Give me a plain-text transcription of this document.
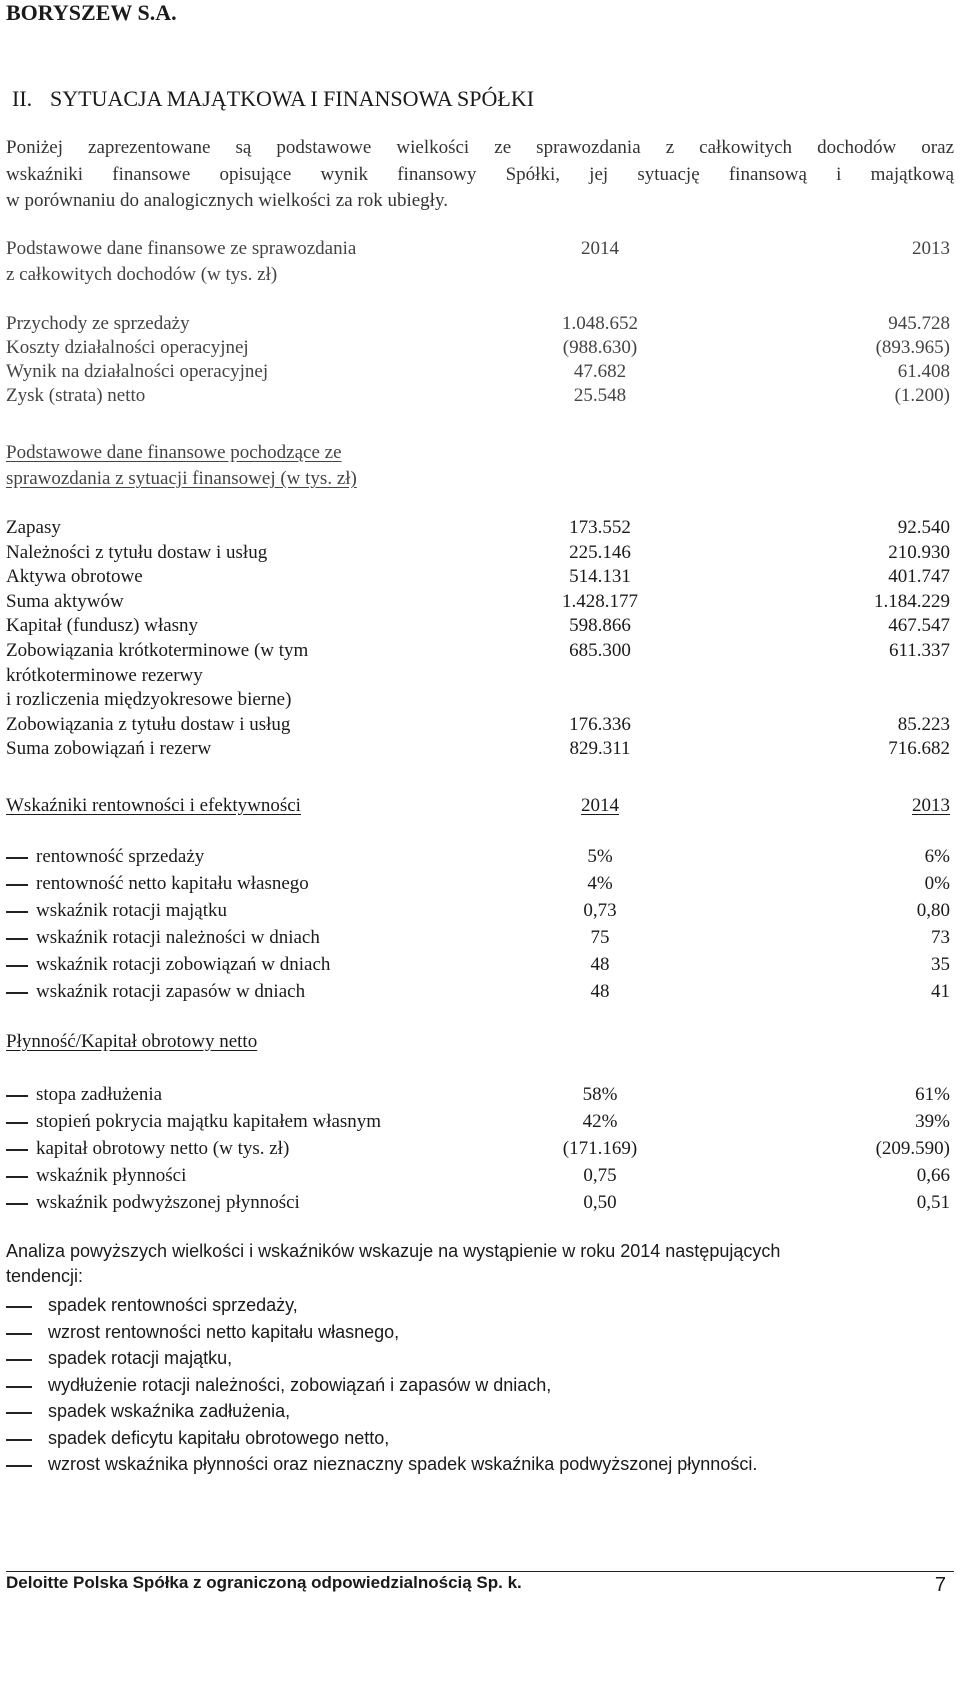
BORYSZEW S.A.
II. SYTUACJA MAJĄTKOWA I FINANSOWA SPÓŁKI
Poniżej zaprezentowane są podstawowe wielkości ze sprawozdania z całkowitych dochodów oraz
wskaźniki finansowe opisujące wynik finansowy Spółki, jej sytuację finansową i majątkową
w porównaniu do analogicznych wielkości za rok ubiegły.
Podstawowe dane finansowe ze sprawozdania
z całkowitych dochodów (w tys. zł)
2014	2013
Przychody ze sprzedaży	1.048.652	945.728
Koszty działalności operacyjnej	(988.630)	(893.965)
Wynik na działalności operacyjnej	47.682	61.408
Zysk (strata) netto	25.548	(1.200)
Podstawowe dane finansowe pochodzące ze
sprawozdania z sytuacji finansowej (w tys. zł)
Zapasy	173.552	92.540
Należności z tytułu dostaw i usług	225.146	210.930
Aktywa obrotowe	514.131	401.747
Suma aktywów	1.428.177	1.184.229
Kapitał (fundusz) własny	598.866	467.547
Zobowiązania krótkoterminowe (w tym	685.300	611.337
krótkoterminowe rezerwy
i rozliczenia międzyokresowe bierne)
Zobowiązania z tytułu dostaw i usług	176.336	85.223
Suma zobowiązań i rezerw	829.311	716.682
Wskaźniki rentowności i efektywności	2014	2013
rentowność sprzedaży	5%	6%
rentowność netto kapitału własnego	4%	0%
wskaźnik rotacji majątku	0,73	0,80
wskaźnik rotacji należności w dniach	75	73
wskaźnik rotacji zobowiązań w dniach	48	35
wskaźnik rotacji zapasów w dniach	48	41
Płynność/Kapitał obrotowy netto
stopa zadłużenia	58%	61%
stopień pokrycia majątku kapitałem własnym	42%	39%
kapitał obrotowy netto (w tys. zł)	(171.169)	(209.590)
wskaźnik płynności	0,75	0,66
wskaźnik podwyższonej płynności	0,50	0,51
Analiza powyższych wielkości i wskaźników wskazuje na wystąpienie w roku 2014 następujących
tendencji:
spadek rentowności sprzedaży,
wzrost rentowności netto kapitału własnego,
spadek rotacji majątku,
wydłużenie rotacji należności, zobowiązań i zapasów w dniach,
spadek wskaźnika zadłużenia,
spadek deficytu kapitału obrotowego netto,
wzrost wskaźnika płynności oraz nieznaczny spadek wskaźnika podwyższonej płynności.
Deloitte Polska Spółka z ograniczoną odpowiedzialnością Sp. k.	7
